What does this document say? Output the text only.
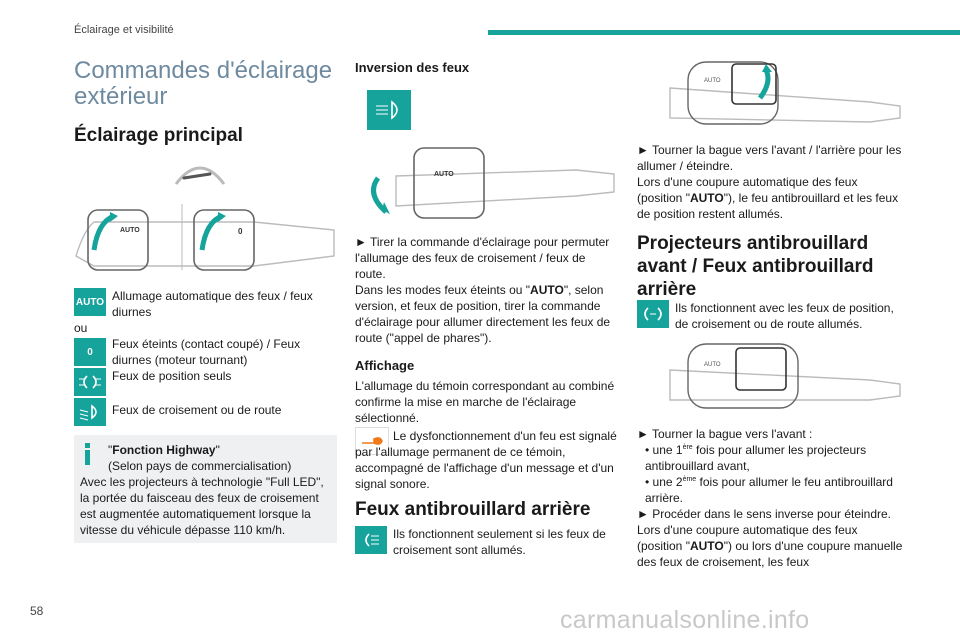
Éclairage et visibilité
Commandes d'éclairage extérieur
Éclairage principal
AUTO	0
AUTO Allumage automatique des feux / feux diurnes
ou
0
Feux éteints (contact coupé) / Feux diurnes (moteur tournant)
Feux de position seuls
Feux de croisement ou de route
"Fonction Highway"
(Selon pays de commercialisation)
Avec les projecteurs à technologie "Full LED", la portée du faisceau des feux de croisement est augmentée automatiquement lorsque la vitesse du véhicule dépasse 110 km/h.
Inversion des feux
AUTO
► Tirer la commande d'éclairage pour permuter l'allumage des feux de croisement / feux de route.
Dans les modes feux éteints ou "AUTO", selon version, et feux de position, tirer la commande d'éclairage pour allumer directement les feux de route ("appel de phares").
Affichage
L'allumage du témoin correspondant au combiné confirme la mise en marche de l'éclairage sélectionné.
Le dysfonctionnement d'un feu est signalé par l'allumage permanent de ce témoin, accompagné de l'affichage d'un message et d'un signal sonore.
Feux antibrouillard arrière
Ils fonctionnent seulement si les feux de croisement sont allumés.
AUTO
► Tourner la bague vers l'avant / l'arrière pour les allumer / éteindre.
Lors d'une coupure automatique des feux (position "AUTO"), le feu antibrouillard et les feux de position restent allumés.
Projecteurs antibrouillard avant / Feux antibrouillard arrière
Ils fonctionnent avec les feux de position, de croisement ou de route allumés.
AUTO
► Tourner la bague vers l'avant :
• une 1ère fois pour allumer les projecteurs antibrouillard avant,
• une 2ème fois pour allumer le feu antibrouillard arrière.
► Procéder dans le sens inverse pour éteindre.
Lors d'une coupure automatique des feux (position "AUTO") ou lors d'une coupure manuelle des feux de croisement, les feux
58	carmanualsonline.info
